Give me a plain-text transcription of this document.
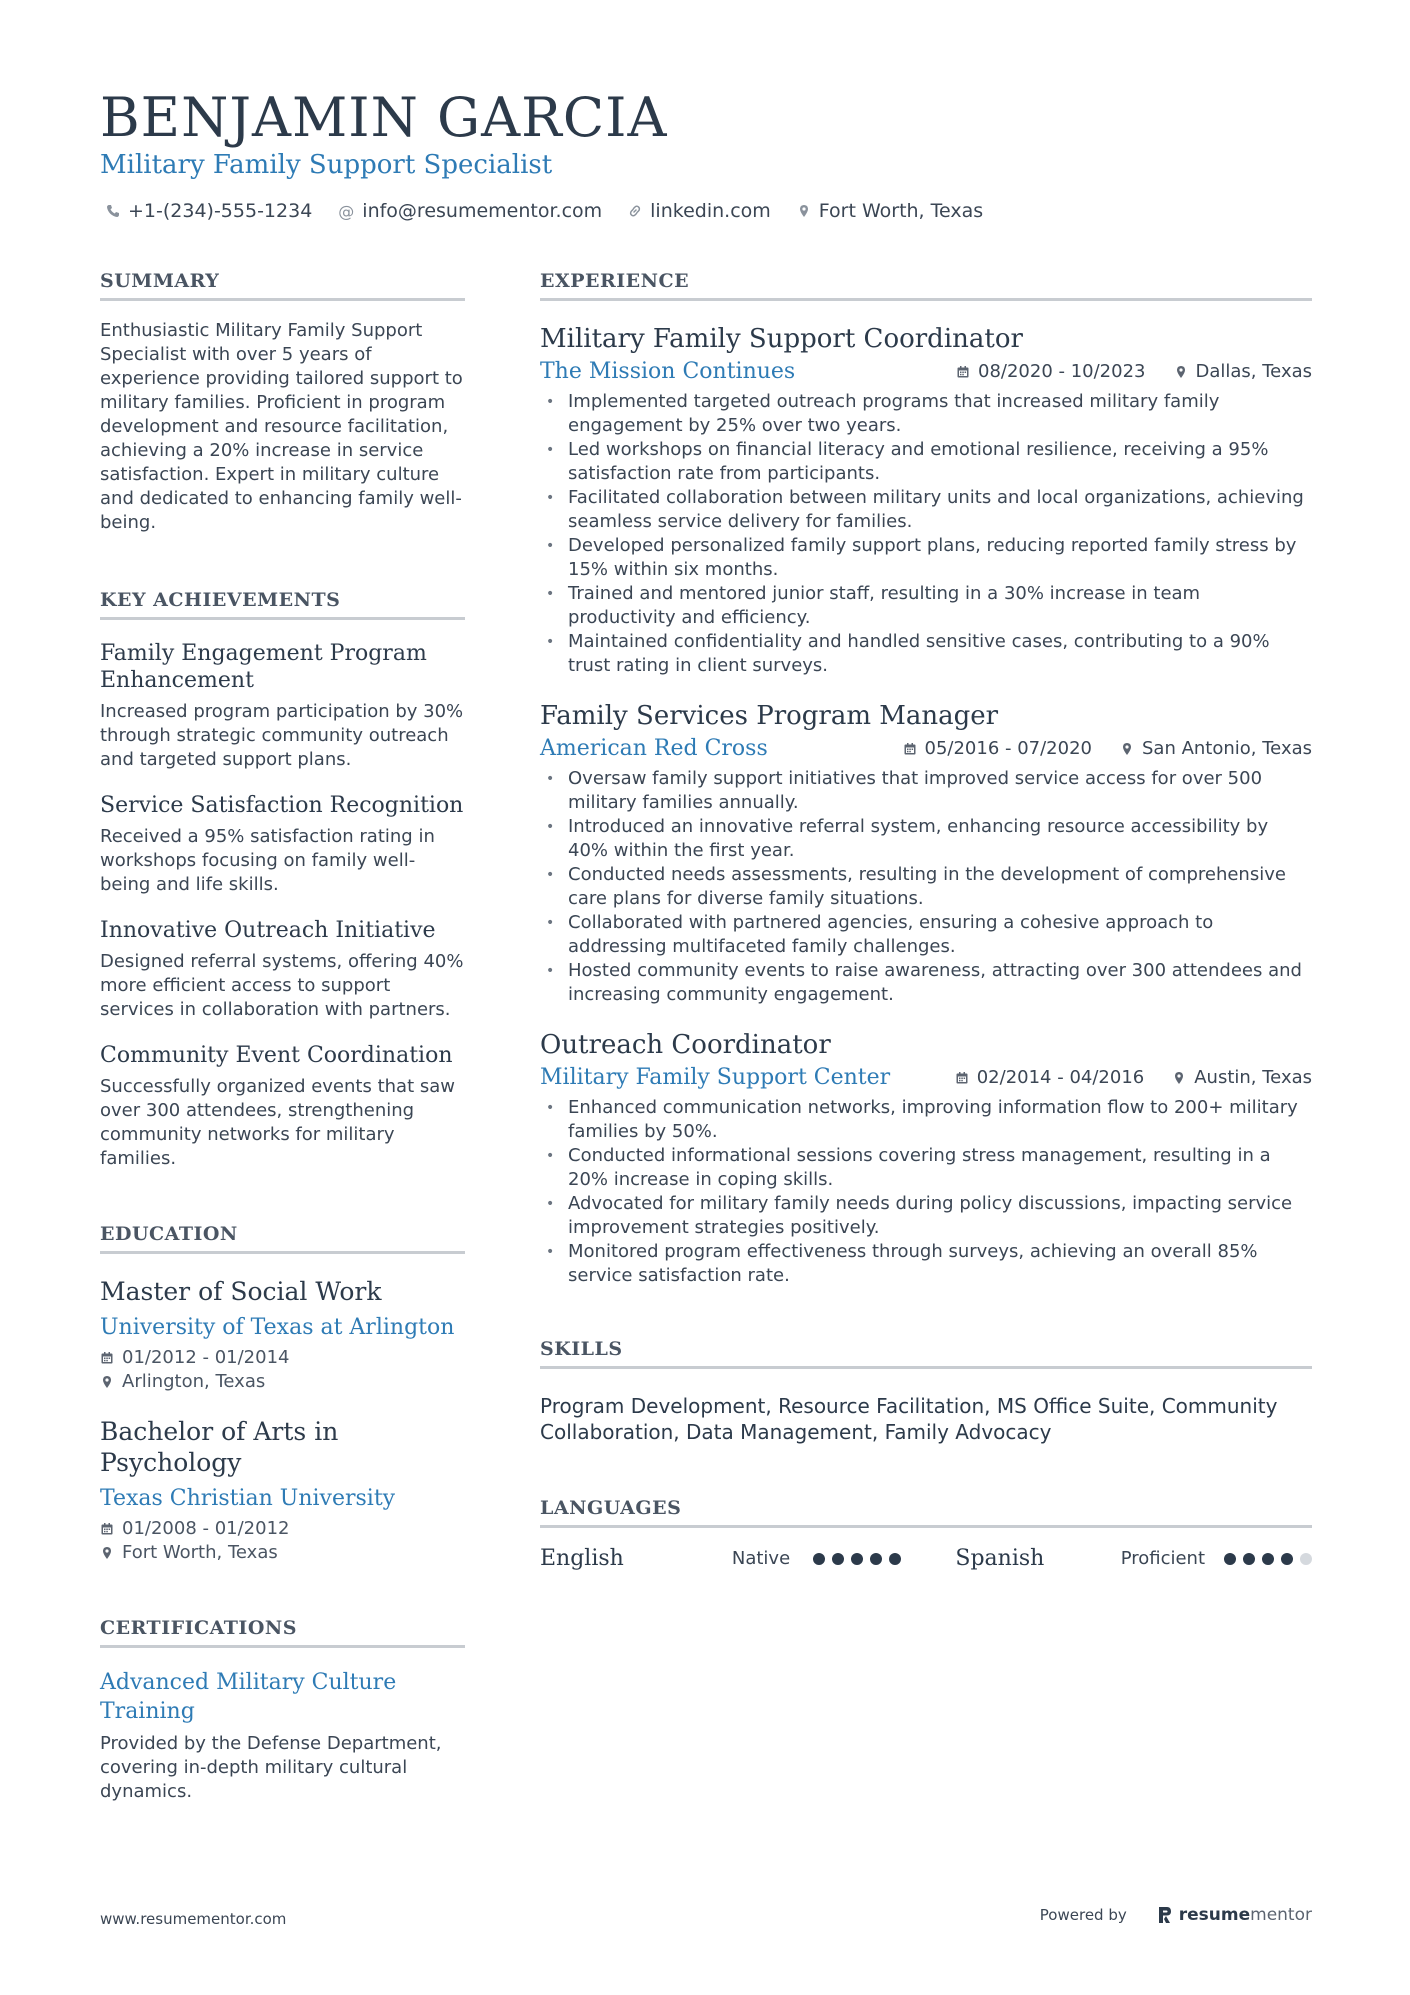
BENJAMIN GARCIA
Military Family Support Specialist
+1-(234)-555-1234 @ info@resumementor.com	linkedin.com	Fort Worth, Texas
SUMMARY
Enthusiastic Military Family Support Specialist with over 5 years of experience providing tailored support to military families. Proficient in program development and resource facilitation, achieving a 20% increase in service satisfaction. Expert in military culture and dedicated to enhancing family well-being.
KEY ACHIEVEMENTS
Family Engagement Program Enhancement
Increased program participation by 30% through strategic community outreach and targeted support plans.
Service Satisfaction Recognition
Received a 95% satisfaction rating in workshops focusing on family well-being and life skills.
Innovative Outreach Initiative
Designed referral systems, offering 40% more efficient access to support services in collaboration with partners.
Community Event Coordination
Successfully organized events that saw over 300 attendees, strengthening community networks for military families.
EDUCATION
Master of Social Work
University of Texas at Arlington
01/2012 - 01/2014
Arlington, Texas
Bachelor of Arts in Psychology
Texas Christian University
01/2008 - 01/2012
Fort Worth, Texas
CERTIFICATIONS
Advanced Military Culture Training
Provided by the Defense Department, covering in-depth military cultural dynamics.
EXPERIENCE
Military Family Support Coordinator
The Mission Continues	08/2020 - 10/2023	Dallas, Texas
• Implemented targeted outreach programs that increased military family engagement by 25% over two years.
• Led workshops on financial literacy and emotional resilience, receiving a 95% satisfaction rate from participants.
• Facilitated collaboration between military units and local organizations, achieving seamless service delivery for families.
• Developed personalized family support plans, reducing reported family stress by 15% within six months.
• Trained and mentored junior staff, resulting in a 30% increase in team productivity and efficiency.
• Maintained confidentiality and handled sensitive cases, contributing to a 90% trust rating in client surveys.
Family Services Program Manager
American Red Cross	05/2016 - 07/2020	San Antonio, Texas
• Oversaw family support initiatives that improved service access for over 500 military families annually.
• Introduced an innovative referral system, enhancing resource accessibility by 40% within the first year.
• Conducted needs assessments, resulting in the development of comprehensive care plans for diverse family situations.
• Collaborated with partnered agencies, ensuring a cohesive approach to addressing multifaceted family challenges.
• Hosted community events to raise awareness, attracting over 300 attendees and increasing community engagement.
Outreach Coordinator
Military Family Support Center	02/2014 - 04/2016	Austin, Texas
• Enhanced communication networks, improving information flow to 200+ military families by 50%.
• Conducted informational sessions covering stress management, resulting in a 20% increase in coping skills.
• Advocated for military family needs during policy discussions, impacting service improvement strategies positively.
• Monitored program effectiveness through surveys, achieving an overall 85% service satisfaction rate.
SKILLS
Program Development, Resource Facilitation, MS Office Suite, Community Collaboration, Data Management, Family Advocacy
LANGUAGES
English	Native	Spanish	Proficient
www.resumementor.com	Powered by	resume mentor
